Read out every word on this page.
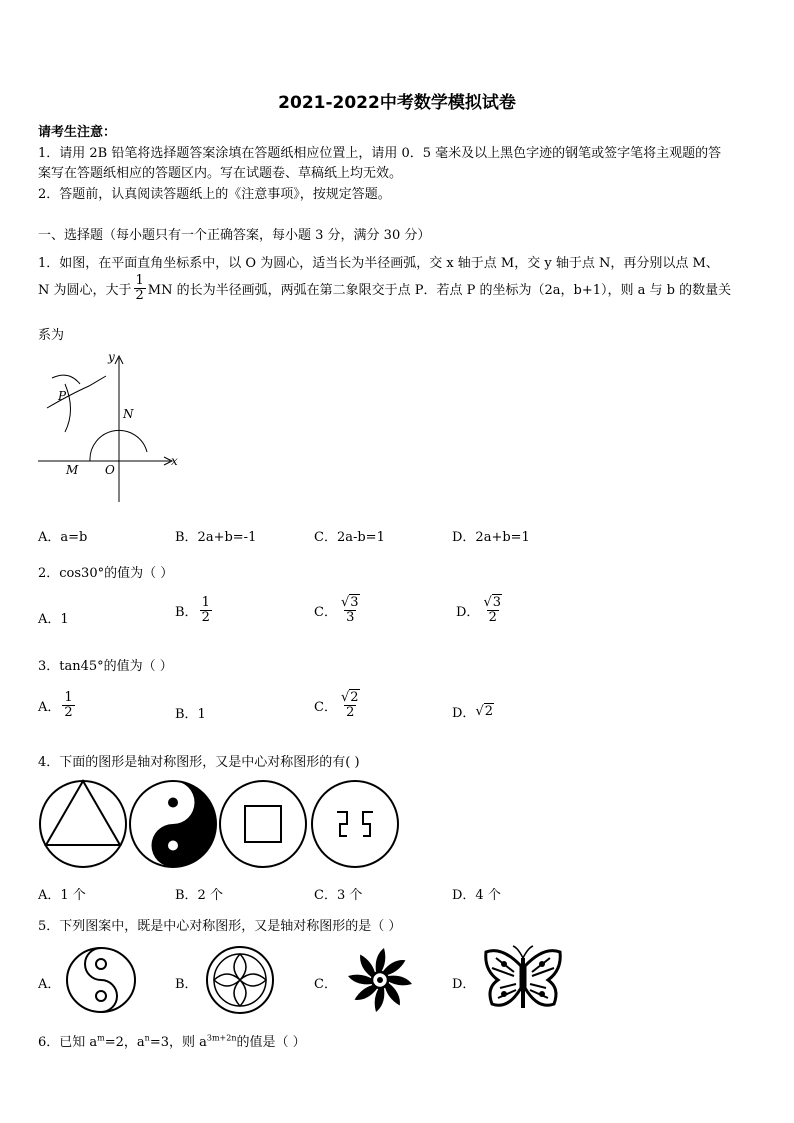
2021-2022中考数学模拟试卷
请考生注意：
1．请用 2B 铅笔将选择题答案涂填在答题纸相应位置上，请用 0．5 毫米及以上黑色字迹的钢笔或签字笔将主观题的答
案写在答题纸相应的答题区内。写在试题卷、草稿纸上均无效。
2．答题前，认真阅读答题纸上的《注意事项》，按规定答题。
一、选择题（每小题只有一个正确答案，每小题 3 分，满分 30 分）
1．如图，在平面直角坐标系中，以 O 为圆心，适当长为半径画弧，交 x 轴于点 M，交 y 轴于点 N，再分别以点 M、
N 为圆心，大于 $\frac{1}{2}$ MN 的长为半径画弧，两弧在第二象限交于点 P．若点 P 的坐标为（2a，b+1），则 a 与 b 的数量关
系为
y
x
P
N
M O
A．a=b	B．2a+b=-1	C．2a-b=1	D．2a+b=1
2．cos30°的值为（ ）
A．1	B． $\frac{1}{2}$	C． $\frac{√3}{3}$	D． $\frac{√3}{2}$
3．tan45°的值为（ ）
A． $\frac{1}{2}$	B．1	C． $\frac{√2}{2}$	D． √2
4．下面的图形是轴对称图形，又是中心对称图形的有( )
A．1 个	B．2 个	C．3 个	D．4 个
5．下列图案中，既是中心对称图形，又是轴对称图形的是（ ）
A．	B．	C．	D．
6．已知 $a^m=2$，$a^n=3$，则 $a^{3m+2n}$的值是（ ）
